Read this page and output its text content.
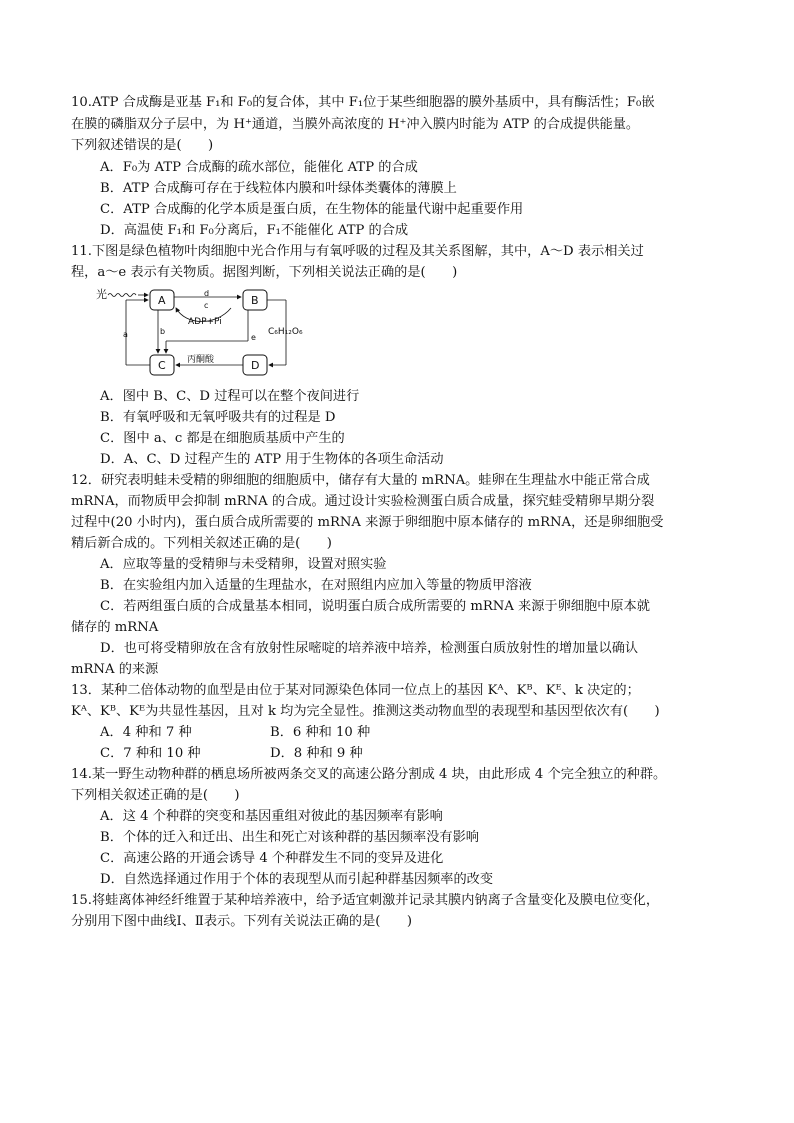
10.ATP 合成酶是亚基 F₁和 F₀的复合体，其中 F₁位于某些细胞器的膜外基质中，具有酶活性；F₀嵌
在膜的磷脂双分子层中，为 H⁺通道，当膜外高浓度的 H⁺冲入膜内时能为 ATP 的合成提供能量。
下列叙述错误的是(　　)
A．F₀为 ATP 合成酶的疏水部位，能催化 ATP 的合成
B．ATP 合成酶可存在于线粒体内膜和叶绿体类囊体的薄膜上
C．ATP 合成酶的化学本质是蛋白质，在生物体的能量代谢中起重要作用
D．高温使 F₁和 F₀分离后，F₁不能催化 ATP 的合成
11.下图是绿色植物叶肉细胞中光合作用与有氧呼吸的过程及其关系图解，其中，A～D 表示相关过
程，a～e 表示有关物质。据图判断，下列相关说法正确的是(　　)
光	A	B
C	D
d
c
ADP+Pi
a	b
e
C₆H₁₂O₆
丙酮酸
A．图中 B、C、D 过程可以在整个夜间进行
B．有氧呼吸和无氧呼吸共有的过程是 D
C．图中 a、c 都是在细胞质基质中产生的
D．A、C、D 过程产生的 ATP 用于生物体的各项生命活动
12．研究表明蛙未受精的卵细胞的细胞质中，储存有大量的 mRNA。蛙卵在生理盐水中能正常合成
mRNA，而物质甲会抑制 mRNA 的合成。通过设计实验检测蛋白质合成量，探究蛙受精卵早期分裂
过程中(20 小时内)，蛋白质合成所需要的 mRNA 来源于卵细胞中原本储存的 mRNA，还是卵细胞受
精后新合成的。下列相关叙述正确的是(　　)
A．应取等量的受精卵与未受精卵，设置对照实验
B．在实验组内加入适量的生理盐水，在对照组内应加入等量的物质甲溶液
C．若两组蛋白质的合成量基本相同，说明蛋白质合成所需要的 mRNA 来源于卵细胞中原本就
储存的 mRNA
D．也可将受精卵放在含有放射性尿嘧啶的培养液中培养，检测蛋白质放射性的增加量以确认
mRNA 的来源
13．某种二倍体动物的血型是由位于某对同源染色体同一位点上的基因 Kᴬ、Kᴮ、Kᴱ、k 决定的；
Kᴬ、Kᴮ、Kᴱ为共显性基因，且对 k 均为完全显性。推测这类动物血型的表现型和基因型依次有(　　)
A．4 种和 7 种	B．6 种和 10 种
C．7 种和 10 种	D．8 种和 9 种
14.某一野生动物种群的栖息场所被两条交叉的高速公路分割成 4 块，由此形成 4 个完全独立的种群。
下列相关叙述正确的是(　　)
A．这 4 个种群的突变和基因重组对彼此的基因频率有影响
B．个体的迁入和迁出、出生和死亡对该种群的基因频率没有影响
C．高速公路的开通会诱导 4 个种群发生不同的变异及进化
D．自然选择通过作用于个体的表现型从而引起种群基因频率的改变
15.将蛙离体神经纤维置于某种培养液中，给予适宜刺激并记录其膜内钠离子含量变化及膜电位变化，
分别用下图中曲线Ⅰ、Ⅱ表示。下列有关说法正确的是(　　)
